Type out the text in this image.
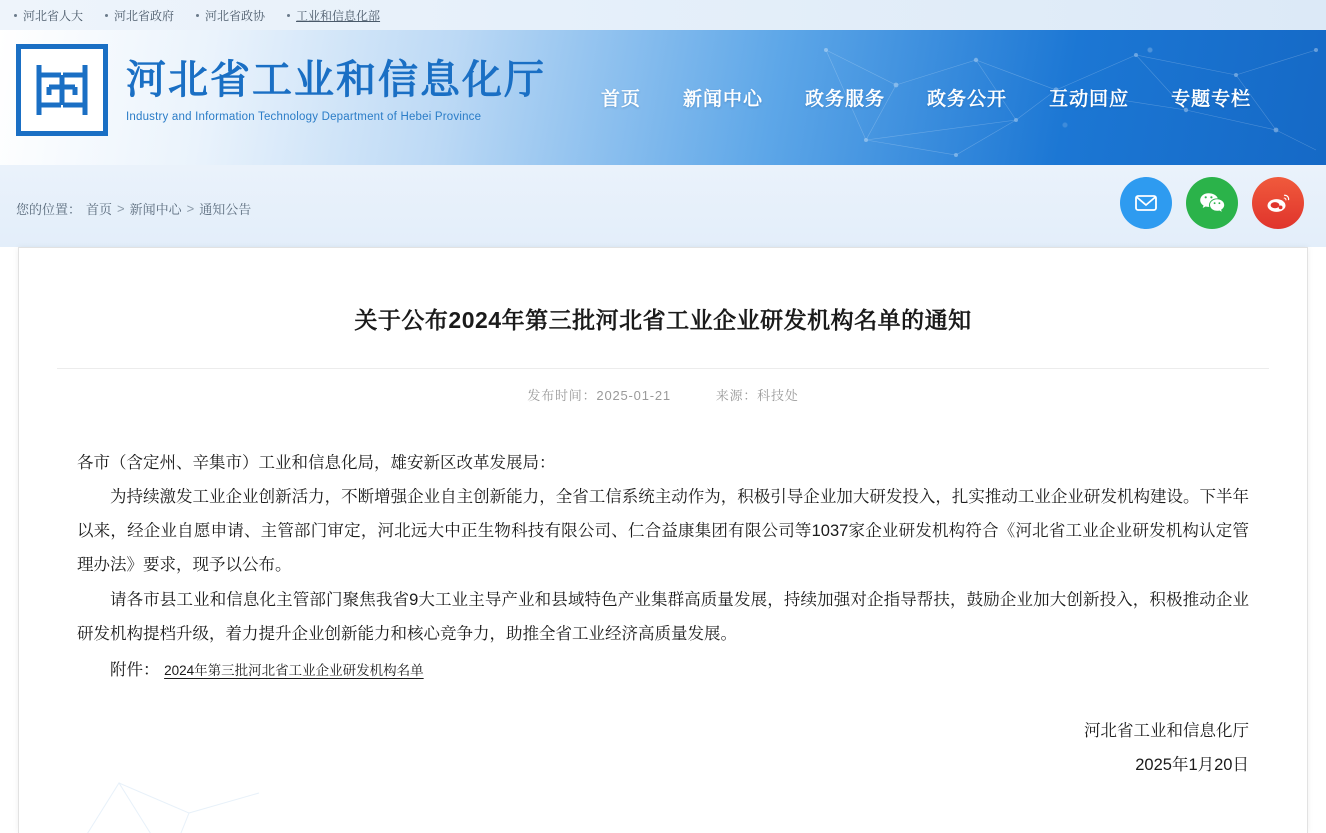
河北省人大	河北省政府	河北省政协	工业和信息化部
河北省工业和信息化厅
Industry and Information Technology Department of Hebei Province
首页	新闻中心	政务服务	政务公开	互动回应	专题专栏
您的位置： 首页 > 新闻中心 > 通知公告
关于公布2024年第三批河北省工业企业研发机构名单的通知
发布时间：2025-01-21	来源：科技处

各市（含定州、辛集市）工业和信息化局，雄安新区改革发展局：

为持续激发工业企业创新活力，不断增强企业自主创新能力，全省工信系统主动作为，积极引导企业加大研发投入，扎实推动工业企业研发机构建设。下半年以来，经企业自愿申请、主管部门审定，河北远大中正生物科技有限公司、仁合益康集团有限公司等1037家企业研发机构符合《河北省工业企业研发机构认定管理办法》要求，现予以公布。

请各市县工业和信息化主管部门聚焦我省9大工业主导产业和县域特色产业集群高质量发展，持续加强对企指导帮扶，鼓励企业加大创新投入，积极推动企业研发机构提档升级，着力提升企业创新能力和核心竞争力，助推全省工业经济高质量发展。

附件： 2024年第三批河北省工业企业研发机构名单

河北省工业和信息化厅
2025年1月20日
